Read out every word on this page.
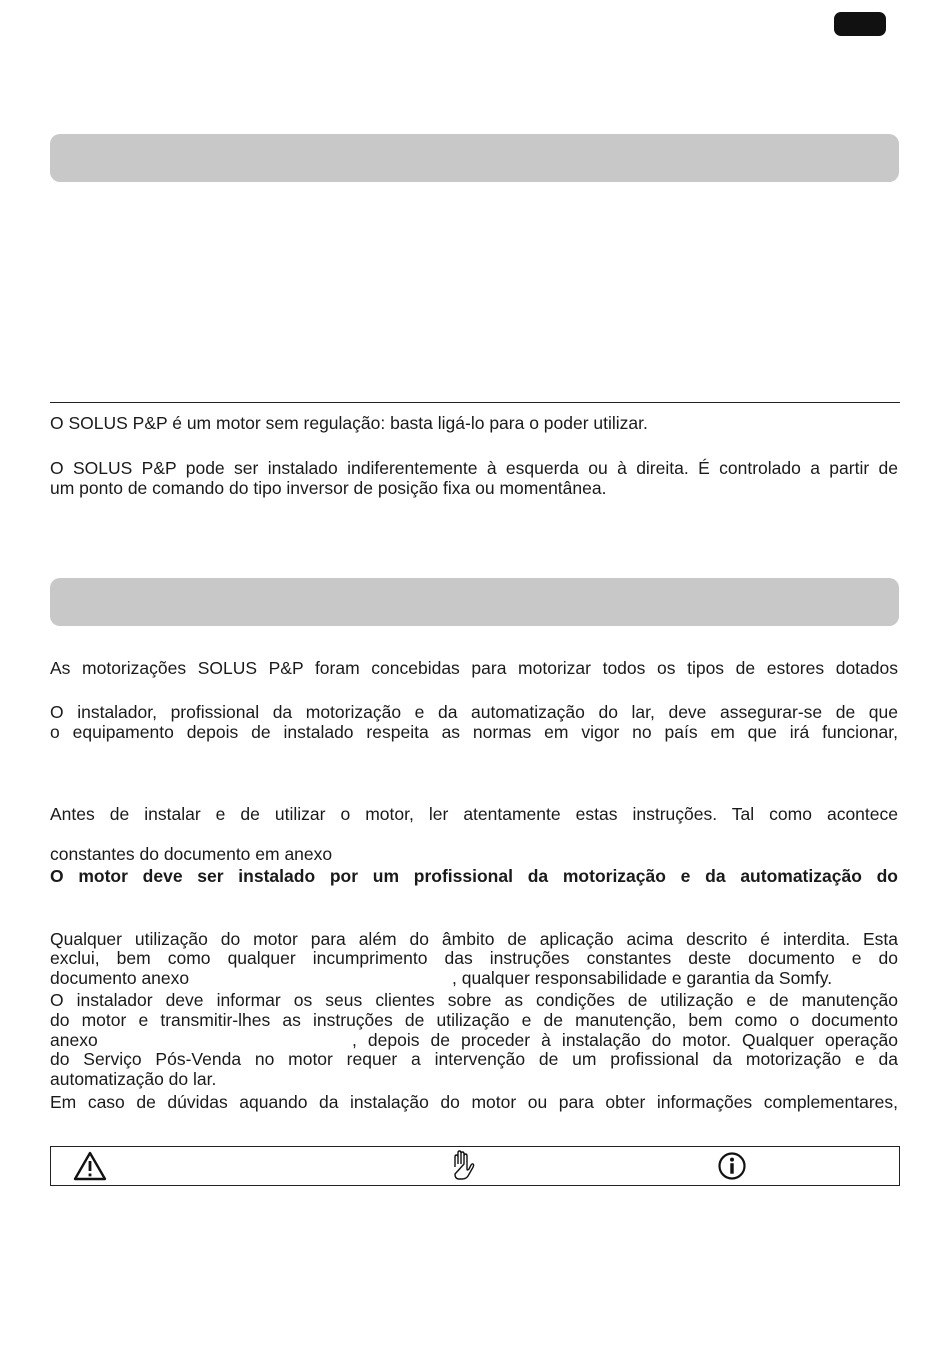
O SOLUS P&P é um motor sem regulação: basta ligá-lo para o poder utilizar.

O SOLUS P&P pode ser instalado indiferentemente à esquerda ou à direita. É controlado a partir de

um ponto de comando do tipo inversor de posição fixa ou momentânea.

As motorizações SOLUS P&P foram concebidas para motorizar todos os tipos de estores dotados

O instalador, profissional da motorização e da automatização do lar, deve assegurar-se de que

o equipamento depois de instalado respeita as normas em vigor no país em que irá funcionar,

Antes de instalar e de utilizar o motor, ler atentamente estas instruções. Tal como acontece

constantes do documento em anexo

O motor deve ser instalado por um profissional da motorização e da automatização do

Qualquer utilização do motor para além do âmbito de aplicação acima descrito é interdita. Esta

exclui, bem como qualquer incumprimento das instruções constantes deste documento e do

documento anexo	, qualquer responsabilidade e garantia da Somfy.

O instalador deve informar os seus clientes sobre as condições de utilização e de manutenção

do motor e transmitir-lhes as instruções de utilização e de manutenção, bem como o documento

anexo	, depois de proceder à instalação do motor. Qualquer operação

do Serviço Pós-Venda no motor requer a intervenção de um profissional da motorização e da

automatização do lar.

Em caso de dúvidas aquando da instalação do motor ou para obter informações complementares,
